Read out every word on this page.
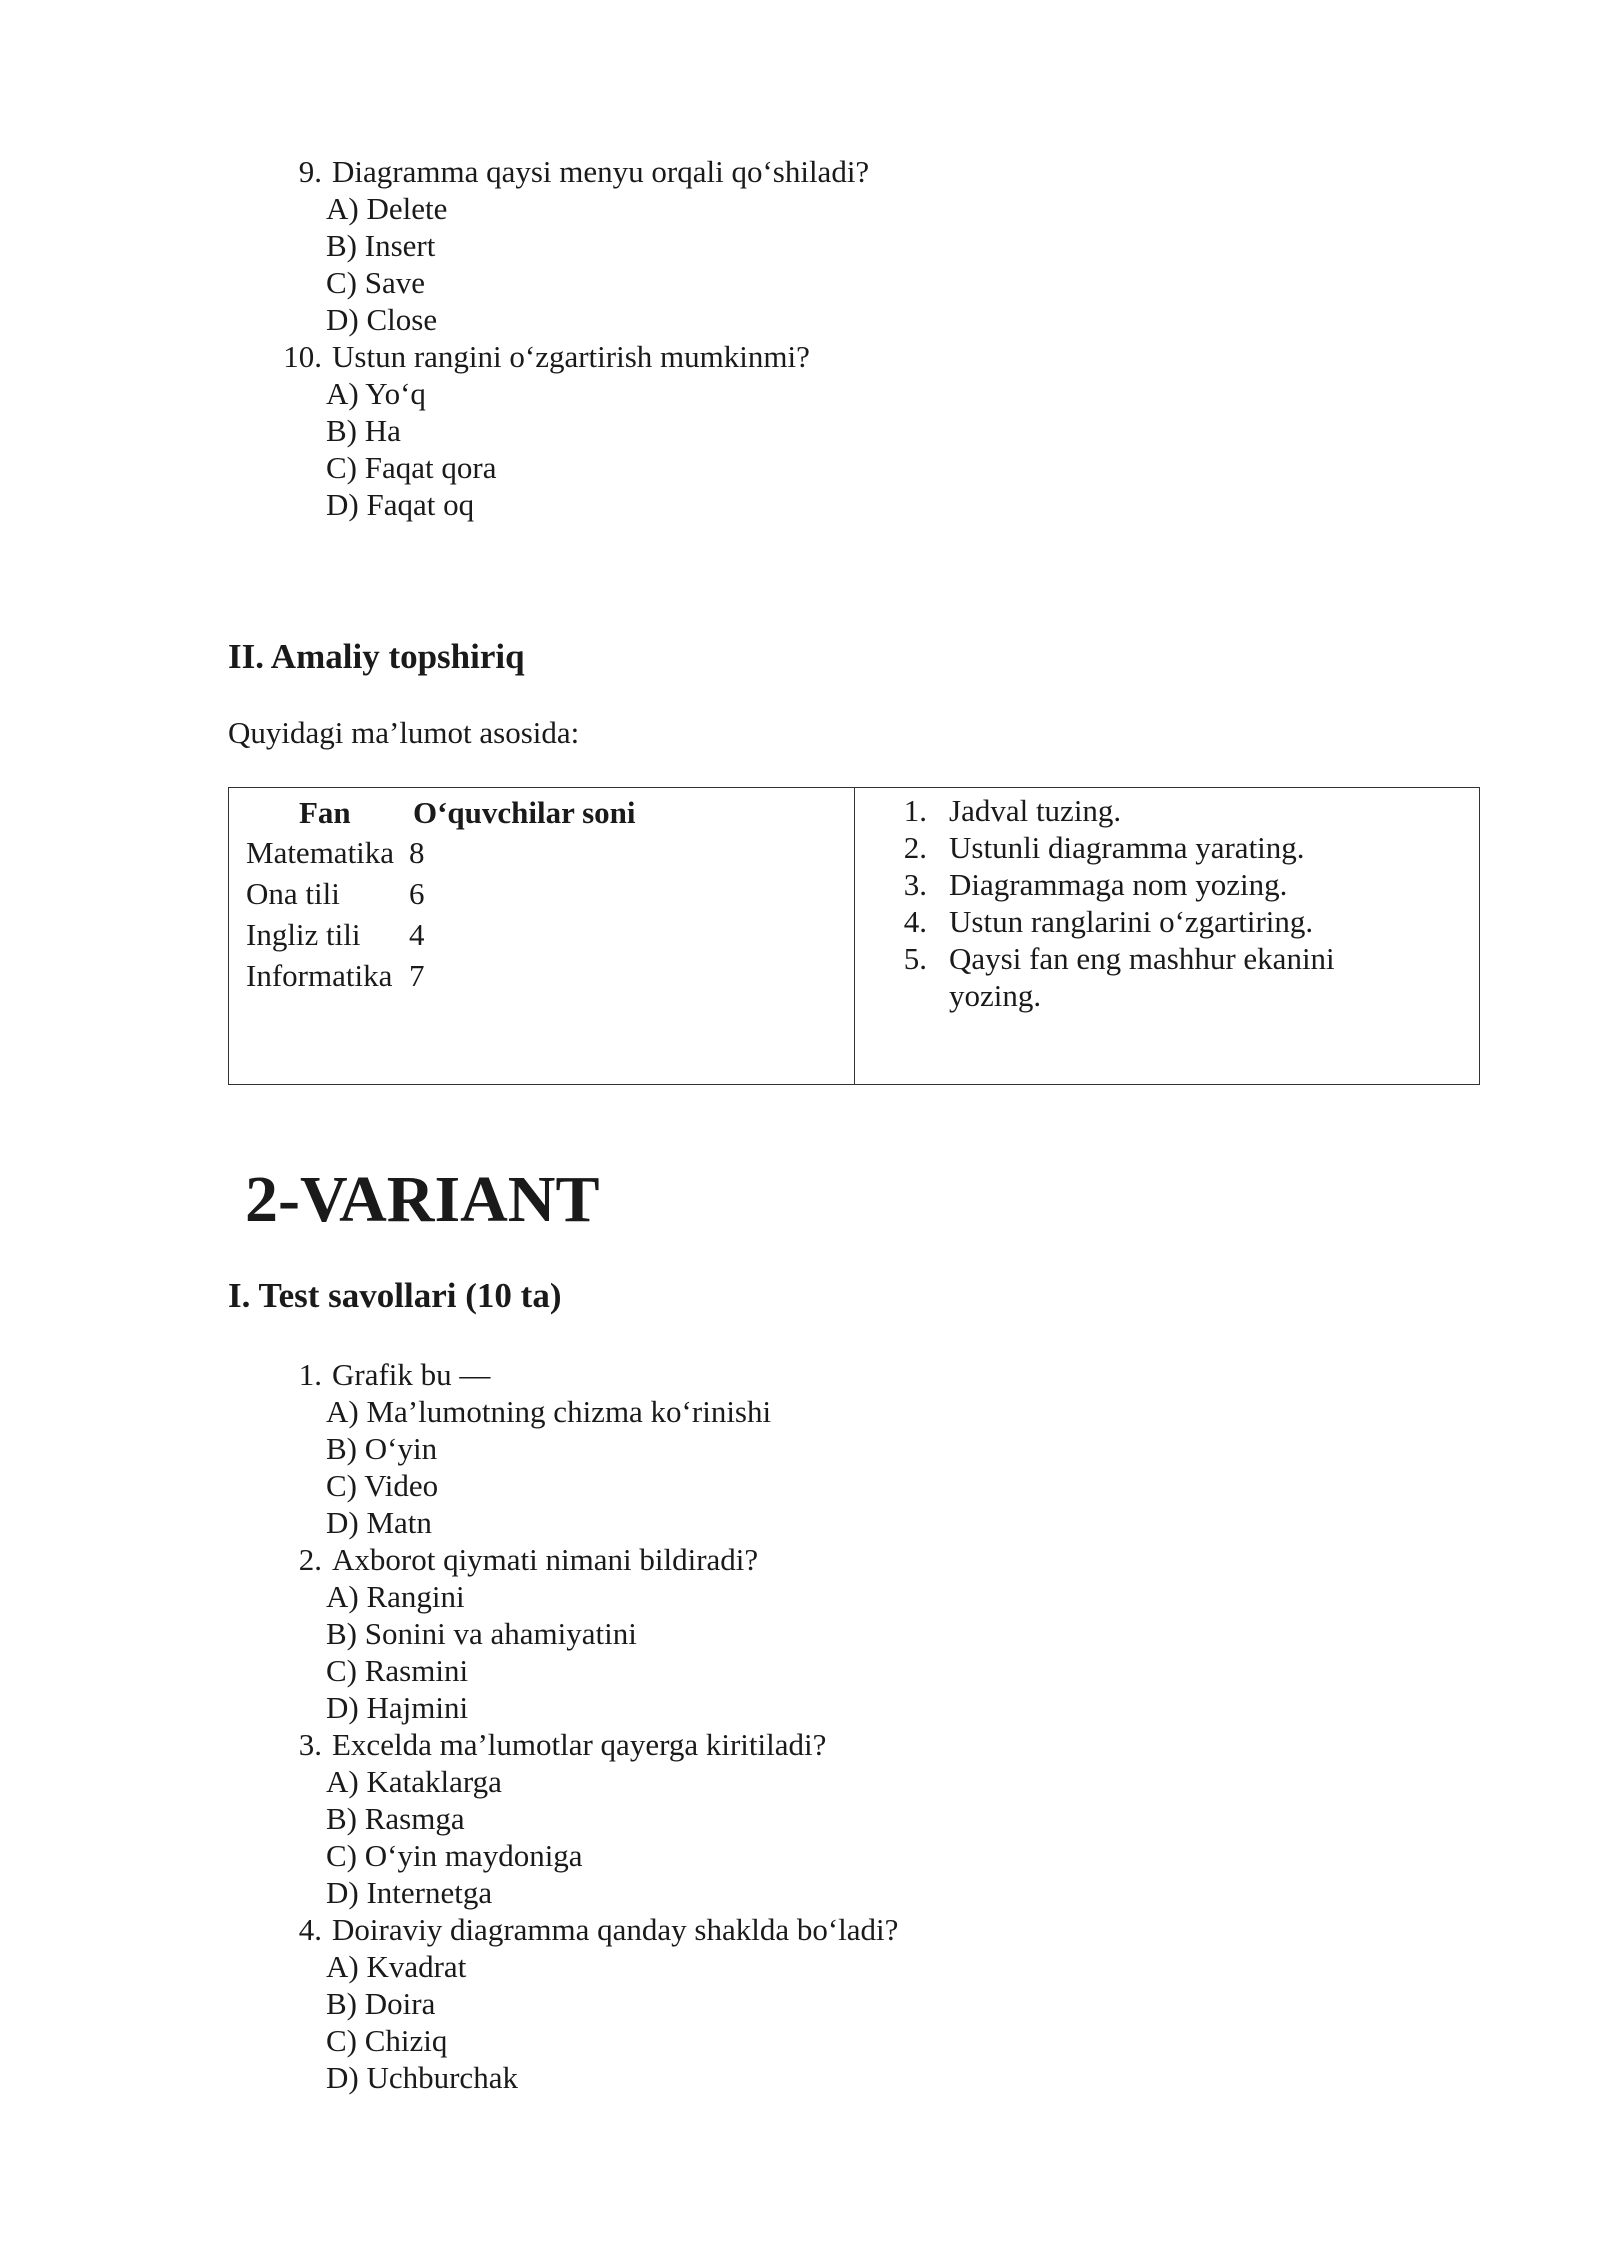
9. Diagramma qaysi menyu orqali qo‘shiladi?
A) Delete
B) Insert
C) Save
D) Close
10. Ustun rangini o‘zgartirish mumkinmi?
A) Yo‘q
B) Ha
C) Faqat qora
D) Faqat oq
II. Amaliy topshiriq
Quyidagi ma’lumot asosida:
Fan O‘quvchilar soni
Matematika 8
Ona tili	6
Ingliz tili	4
Informatika 7
1. Jadval tuzing.
2. Ustunli diagramma yarating.
3. Diagrammaga nom yozing.
4. Ustun ranglarini o‘zgartiring.
5. Qaysi fan eng mashhur ekanini
yozing.
2-VARIANT
I. Test savollari (10 ta)
1. Grafik bu —
A) Ma’lumotning chizma ko‘rinishi
B) O‘yin
C) Video
D) Matn
2. Axborot qiymati nimani bildiradi?
A) Rangini
B) Sonini va ahamiyatini
C) Rasmini
D) Hajmini
3. Excelda ma’lumotlar qayerga kiritiladi?
A) Kataklarga
B) Rasmga
C) O‘yin maydoniga
D) Internetga
4. Doiraviy diagramma qanday shaklda bo‘ladi?
A) Kvadrat
B) Doira
C) Chiziq
D) Uchburchak
